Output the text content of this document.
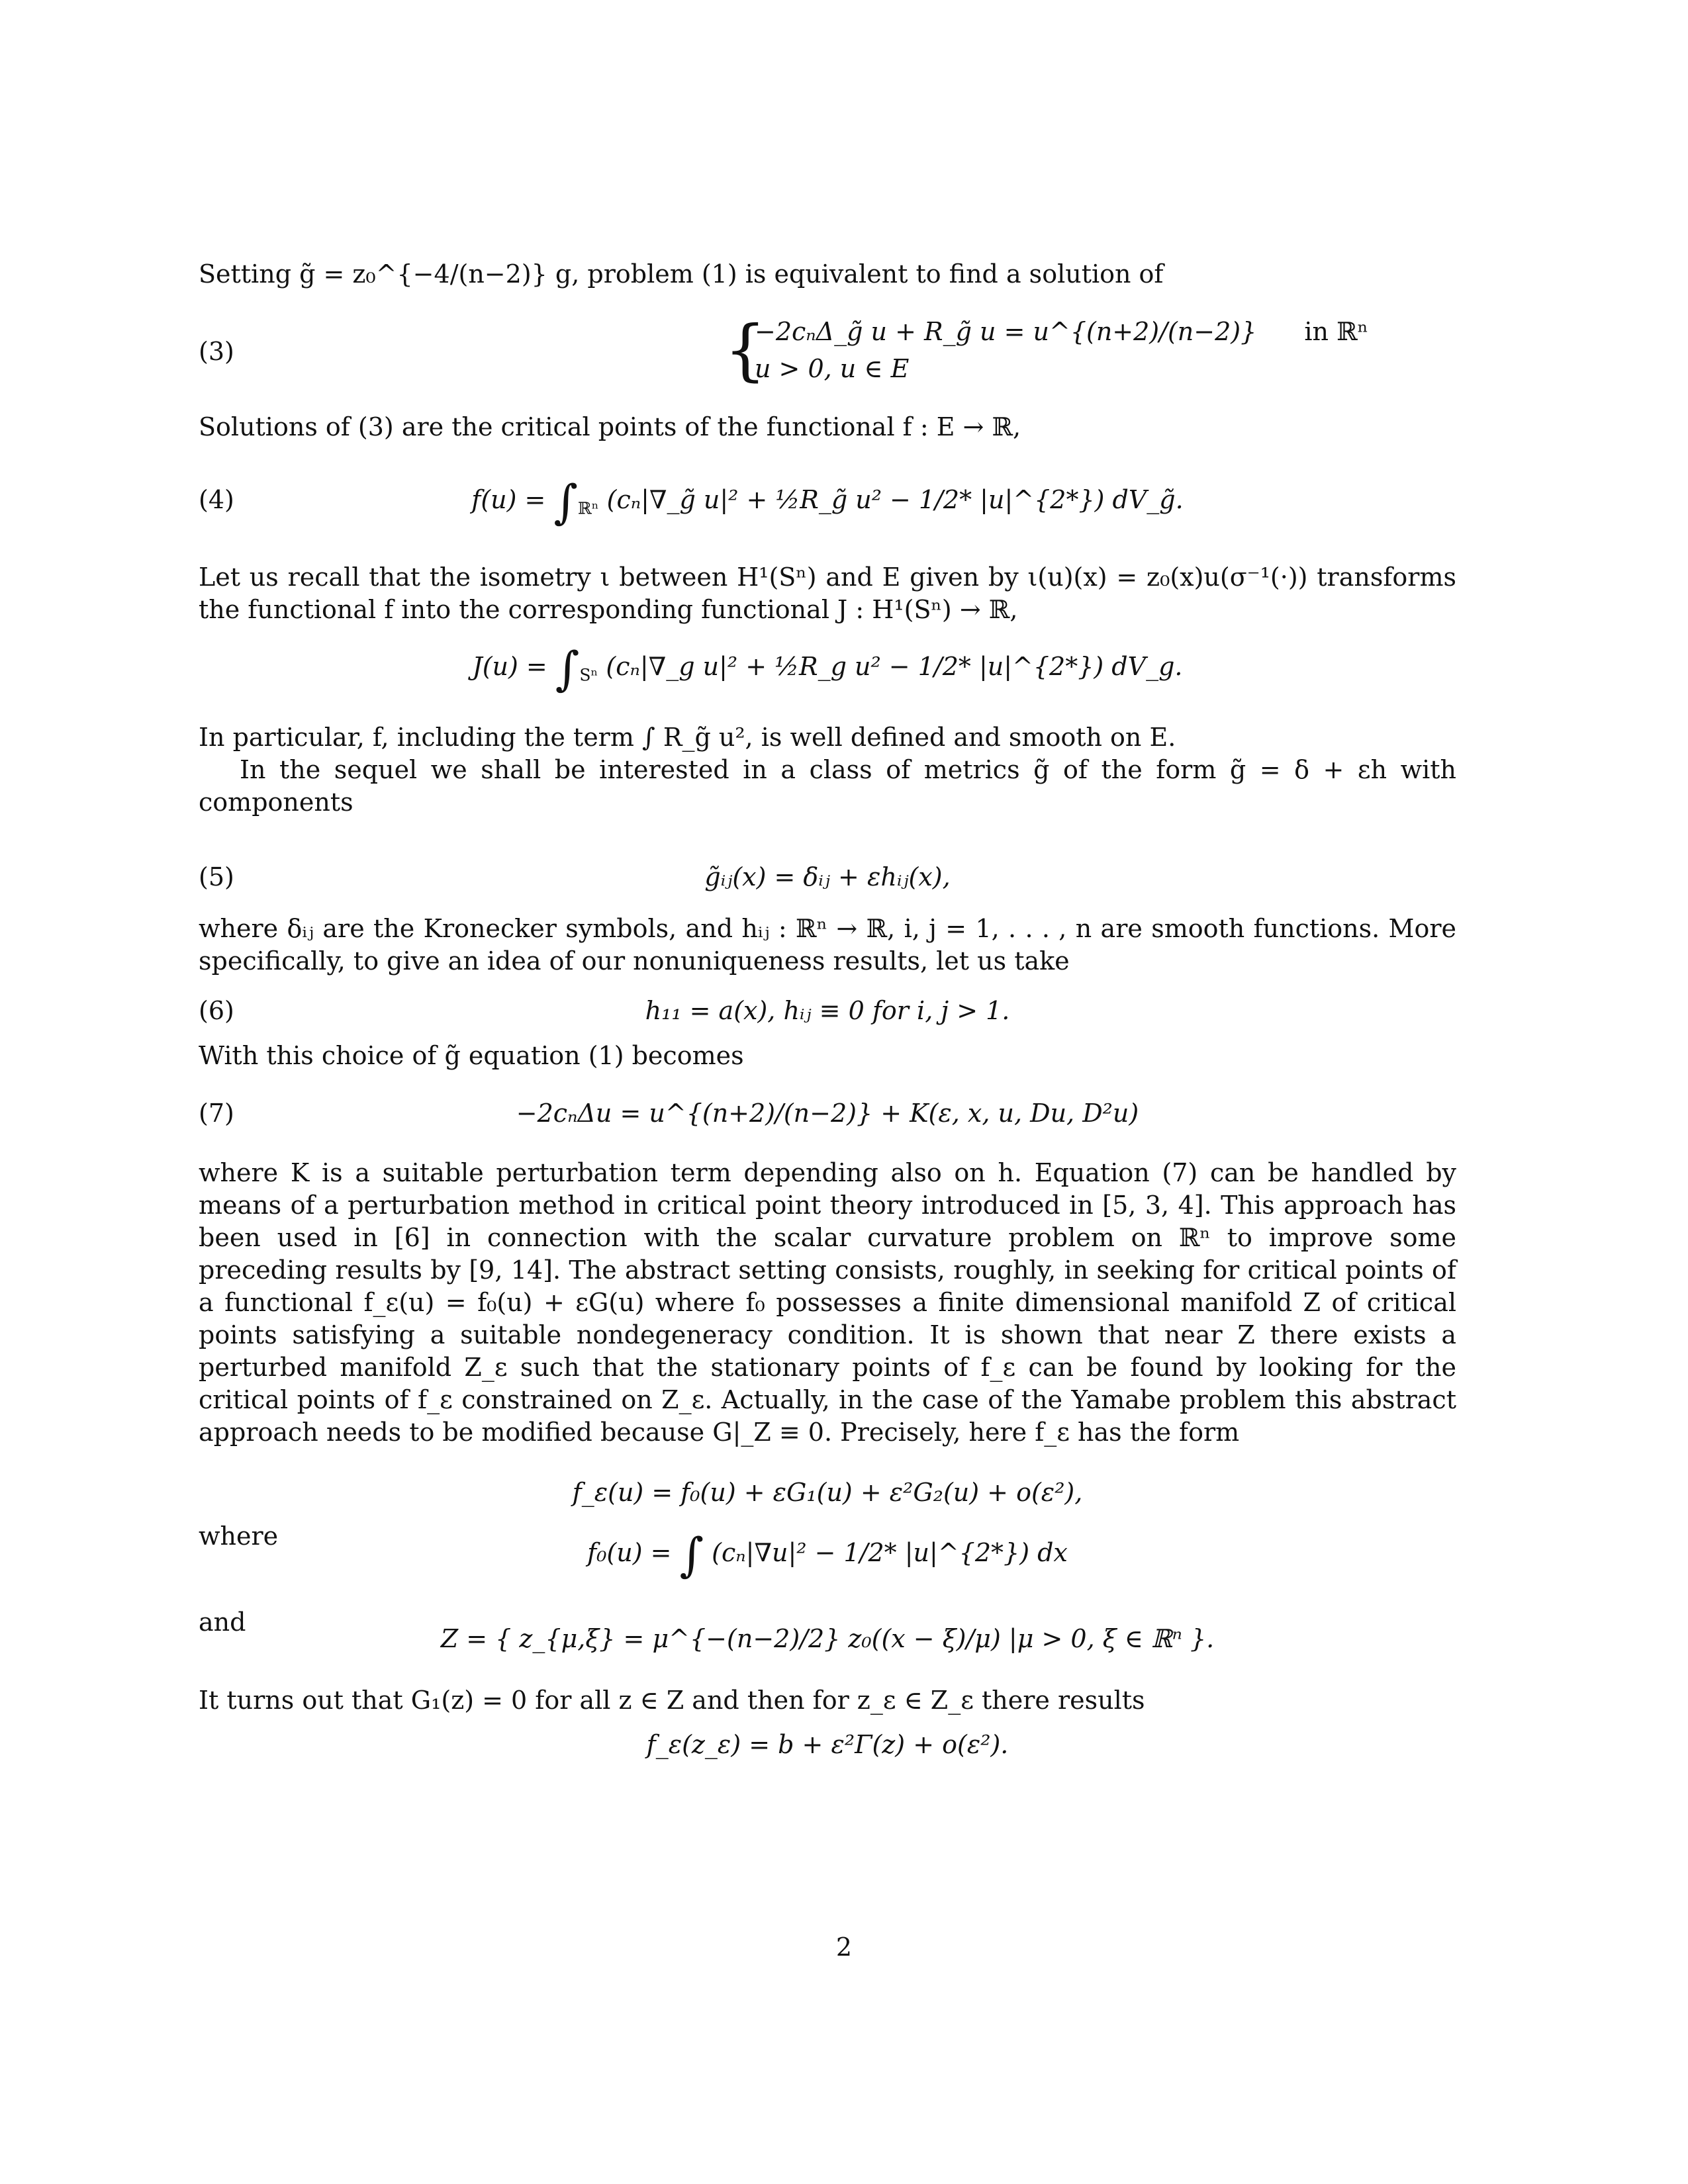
Setting g̃ = z₀^{−4/(n−2)} g, problem (1) is equivalent to find a solution of

(3)	{
−2cₙΔ_g̃ u + R_g̃ u = u^{(n+2)/(n−2)} in ℝⁿ
u > 0, u ∈ E

Solutions of (3) are the critical points of the functional f : E → ℝ,

(4)	$f(u) = \int_{ℝ^n}$ (cₙ|∇_g̃ u|² + ½R_g̃ u² − 1/2* |u|^{2*}) dV_g̃.

Let us recall that the isometry ι between H¹(Sⁿ) and E given by ι(u)(x) = z₀(x)u(σ⁻¹(·)) transforms the functional f into the corresponding functional J : H¹(Sⁿ) → ℝ,

$J(u) = \int_{S^n}$ (cₙ|∇_g u|² + ½R_g u² − 1/2* |u|^{2*}) dV_g.

In particular, f, including the term ∫ R_g̃ u², is well defined and smooth on E.

In the sequel we shall be interested in a class of metrics g̃ of the form g̃ = δ + εh with components

(5)	g̃ᵢⱼ(x) = δᵢⱼ + εhᵢⱼ(x),

where δᵢⱼ are the Kronecker symbols, and hᵢⱼ : ℝⁿ → ℝ, i, j = 1, . . . , n are smooth functions. More specifically, to give an idea of our nonuniqueness results, let us take

(6)	h₁₁ = a(x), hᵢⱼ ≡ 0 for i, j > 1.

With this choice of g̃ equation (1) becomes

(7)	−2cₙΔu = u^{(n+2)/(n−2)} + K(ε, x, u, Du, D²u)

where K is a suitable perturbation term depending also on h. Equation (7) can be handled by means of a perturbation method in critical point theory introduced in [5, 3, 4]. This approach has been used in [6] in connection with the scalar curvature problem on ℝⁿ to improve some preceding results by [9, 14]. The abstract setting consists, roughly, in seeking for critical points of a functional f_ε(u) = f₀(u) + εG(u) where f₀ possesses a finite dimensional manifold Z of critical points satisfying a suitable nondegeneracy condition. It is shown that near Z there exists a perturbed manifold Z_ε such that the stationary points of f_ε can be found by looking for the critical points of f_ε constrained on Z_ε. Actually, in the case of the Yamabe problem this abstract approach needs to be modified because G|_Z ≡ 0. Precisely, here f_ε has the form

f_ε(u) = f₀(u) + εG₁(u) + ε²G₂(u) + o(ε²),
where
f₀(u) = ∫ (cₙ|∇u|² − 1/2* |u|^{2*}) dx
and
Z = { z_{μ,ξ} = μ^{−(n−2)/2} z₀((x − ξ)/μ) |μ > 0, ξ ∈ ℝⁿ }.

It turns out that G₁(z) = 0 for all z ∈ Z and then for z_ε ∈ Z_ε there results

f_ε(z_ε) = b + ε²Γ(z) + o(ε²).
2
